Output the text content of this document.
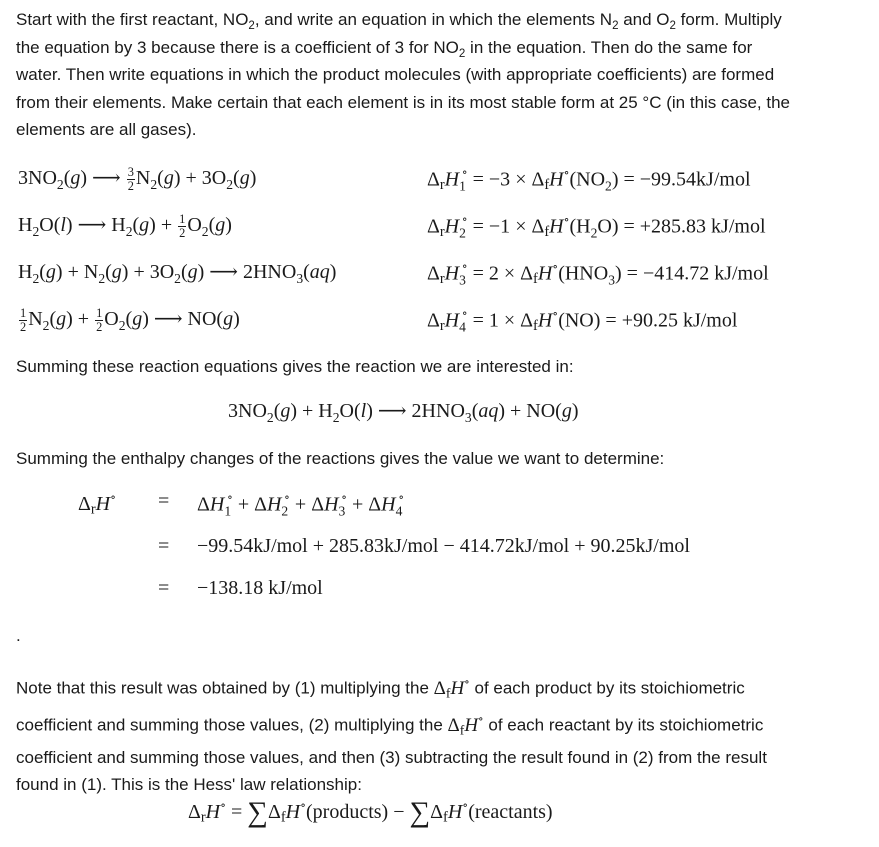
Start with the first reactant, $NO_2$, and write an equation in which the elements $N_2$ and $O_2$ form. Multiply
the equation by 3 because there is a coefficient of 3 for $NO_2$ in the equation. Then do the same for
water. Then write equations in which the product molecules (with appropriate coefficients) are formed
from their elements. Make certain that each element is in its most stable form at 25 °C (in this case, the
elements are all gases).
$3NO_2(g)$ ⟶ $\frac{3}{2} N_2(g) + 3O_2(g)$	$\Delta rH_1^\circ = -3 \times \Delta fH^\circ(NO_2) = -99.54kJ/mol$
$H_2O(l)$ ⟶ $H_2(g) + \frac{1}{2} O_2(g)$	$\Delta rH_2^\circ = -1 \times \Delta fH^\circ(H_2O) = +285.83$ kJ/mol
$H_2(g) + N_2(g) + 3O_2(g)$ ⟶ $2HNO_3(aq)$	$\Delta rH_3^\circ = 2 \times \Delta fH^\circ(HNO_3) = -414.72$ kJ/mol
$\frac{1}{2} N_2(g) + \frac{1}{2} O_2(g)$ ⟶ NO(g)	ΔrH$_4$∘ = 1 × ΔfH∘(NO) = +90.25 kJ/mol
Summing these reaction equations gives the reaction we are interested in:
$3NO_2(g) + H_2O(l)$ ⟶ $2HNO_3(aq) + NO(g)$
Summing the enthalpy changes of the reactions gives the value we want to determine:
$\Delta rH^\circ = \Delta H_1^\circ + \Delta H_2^\circ + \Delta H_3^\circ + \Delta H_4^\circ$
= −99.54kJ/mol + 285.83kJ/mol − 414.72kJ/mol + 90.25kJ/mol
= −138.18 kJ/mol
.
Note that this result was obtained by (1) multiplying the ΔfH∘ of each product by its stoichiometric
coefficient and summing those values, (2) multiplying the ΔfH∘ of each reactant by its stoichiometric
coefficient and summing those values, and then (3) subtracting the result found in (2) from the result
found in (1). This is the Hess' law relationship:
ΔrH∘ = ∑ΔfH∘(products) − ∑ΔfH∘(reactants)
